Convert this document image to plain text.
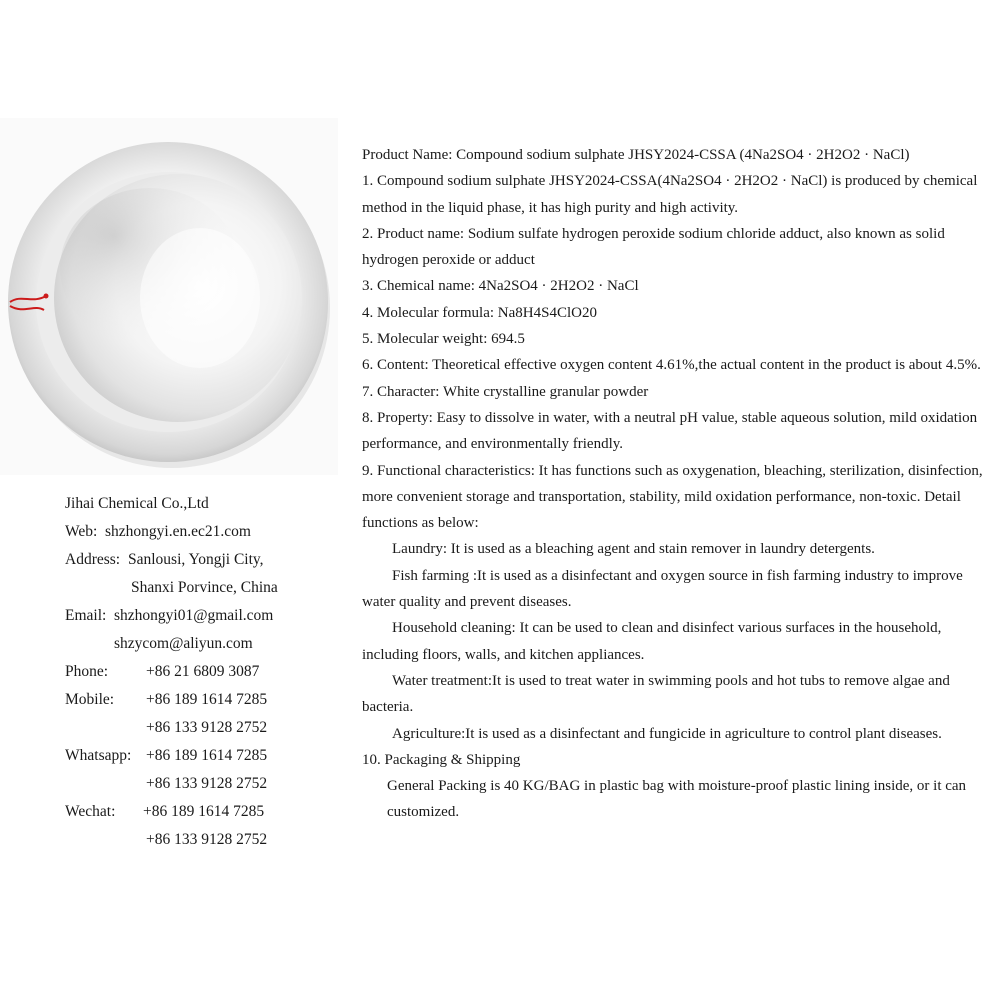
Jihai Chemical Co.,Ltd
Web: shzhongyi.en.ec21.com
Address: Sanlousi, Yongji City,
Shanxi Porvince, China
Email: shzhongyi01@gmail.com
shzycom@aliyun.com
Phone: +86 21 6809 3087
Mobile: +86 189 1614 7285
+86 133 9128 2752
Whatsapp: +86 189 1614 7285
+86 133 9128 2752
Wechat: +86 189 1614 7285
+86 133 9128 2752

Product Name: Compound sodium sulphate JHSY2024-CSSA (4Na2SO4 · 2H2O2 · NaCl)

1. Compound sodium sulphate JHSY2024-CSSA(4Na2SO4 · 2H2O2 · NaCl) is produced by chemical method in the liquid phase, it has high purity and high activity.

2. Product name: Sodium sulfate hydrogen peroxide sodium chloride adduct, also known as solid hydrogen peroxide or adduct

3. Chemical name: 4Na2SO4 · 2H2O2 · NaCl

4. Molecular formula: Na8H4S4ClO20

5. Molecular weight: 694.5

6. Content: Theoretical effective oxygen content 4.61%,the actual content in the product is about 4.5%.

7. Character: White crystalline granular powder

8. Property: Easy to dissolve in water, with a neutral pH value, stable aqueous solution, mild oxidation performance, and environmentally friendly.

9. Functional characteristics: It has functions such as oxygenation, bleaching, sterilization, disinfection, more convenient storage and transportation, stability, mild oxidation performance, non-toxic. Detail functions as below:

Laundry: It is used as a bleaching agent and stain remover in laundry detergents.

Fish farming :It is used as a disinfectant and oxygen source in fish farming industry to improve water quality and prevent diseases.

Household cleaning: It can be used to clean and disinfect various surfaces in the household, including floors, walls, and kitchen appliances.

Water treatment:It is used to treat water in swimming pools and hot tubs to remove algae and bacteria.

Agriculture:It is used as a disinfectant and fungicide in agriculture to control plant diseases.

10. Packaging & Shipping

General Packing is 40 KG/BAG in plastic bag with moisture-proof plastic lining inside, or it can customized.
